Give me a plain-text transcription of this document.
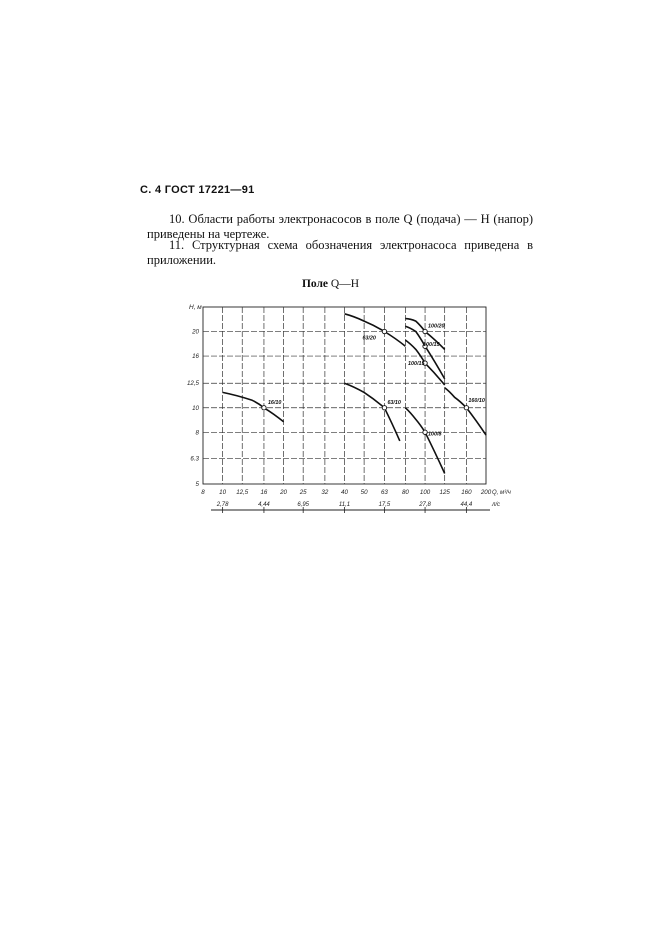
С. 4 ГОСТ 17221—91
10. Области работы электронасосов в поле Q (подача) — H (напор) приведены на чертеже.
11. Структурная схема обозначения электронасоса приведена в приложении.
Поле Q—H
8 10 12,5 16 20 25 32 40 50 63 80 100 125 160 200
5
6.3
8
10
12,5
16
20
2,78	4,44	6,95	11,1	17,5	27,8	44,4
H, м
Q, м³/ч
л/с
16/10
63/20
63/10
100/20
100/15
100/15
100/8
160/10
